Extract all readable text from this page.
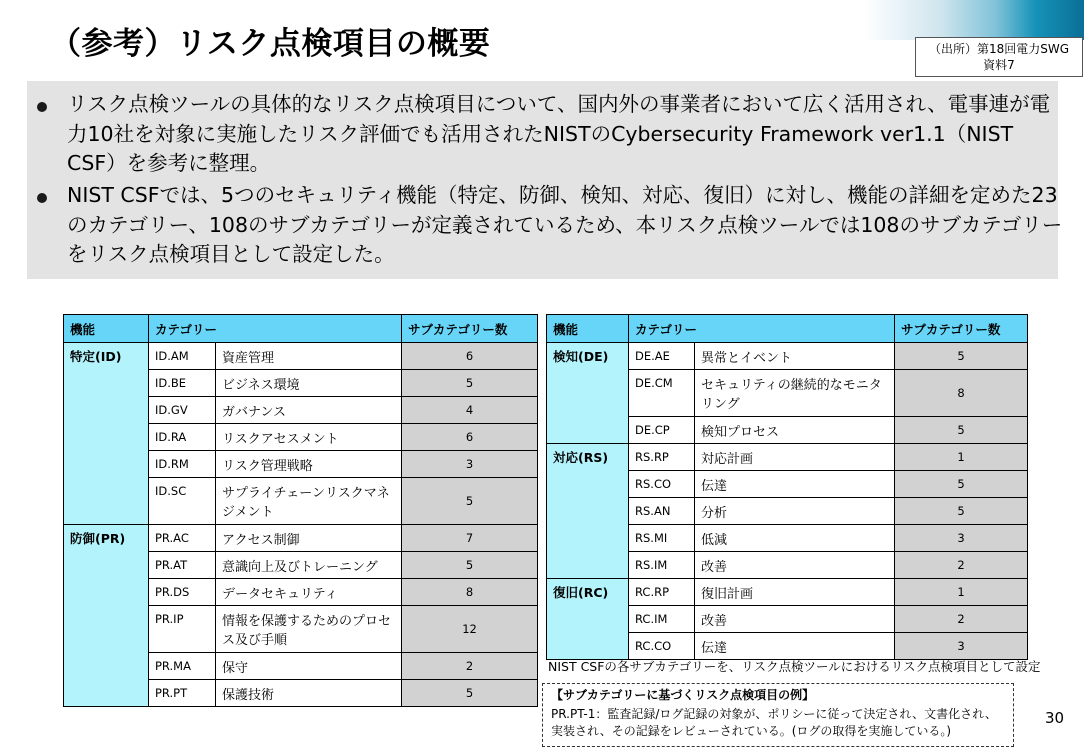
（参考）リスク点検項目の概要	（出所）第18回電力SWG
資料7

リスク点検ツールの具体的なリスク点検項目について、国内外の事業者において広く活用され、電事連が電力10社を対象に実施したリスク評価でも活用されたNISTのCybersecurity Framework ver1.1（NIST CSF）を参考に整理。

NIST CSFでは、5つのセキュリティ機能（特定、防御、検知、対応、復旧）に対し、機能の詳細を定めた23のカテゴリー、108のサブカテゴリーが定義されているため、本リスク点検ツールでは108のサブカテゴリーをリスク点検項目として設定した。

機能	カテゴリー		サブカテゴリー数
特定(ID)	ID.AM	資産管理	6
	ID.BE	ビジネス環境	5
	ID.GV	ガバナンス	4
	ID.RA	リスクアセスメント	6
	ID.RM	リスク管理戦略	3
	ID.SC	サプライチェーンリスクマネジメント	5
防御(PR)	PR.AC	アクセス制御	7
	PR.AT	意識向上及びトレーニング	5
	PR.DS	データセキュリティ	8
	PR.IP	情報を保護するためのプロセス及び手順	12
	PR.MA	保守	2
	PR.PT	保護技術	5
機能	カテゴリー		サブカテゴリー数
検知(DE)	DE.AE	異常とイベント	5
	DE.CM	セキュリティの継続的なモニタリング	8
	DE.CP	検知プロセス	5
対応(RS)	RS.RP	対応計画	1
	RS.CO	伝達	5
	RS.AN	分析	5
	RS.MI	低減	3
	RS.IM	改善	2
復旧(RC)	RC.RP	復旧計画	1
	RC.IM	改善	2
	RC.CO	伝達	3
NIST CSFの各サブカテゴリーを、リスク点検ツールにおけるリスク点検項目として設定
【サブカテゴリーに基づくリスク点検項目の例】
PR.PT-1：監査記録/ログ記録の対象が、ポリシーに従って決定され、文書化され、実装され、その記録をレビューされている。(ログの取得を実施している。)
30
